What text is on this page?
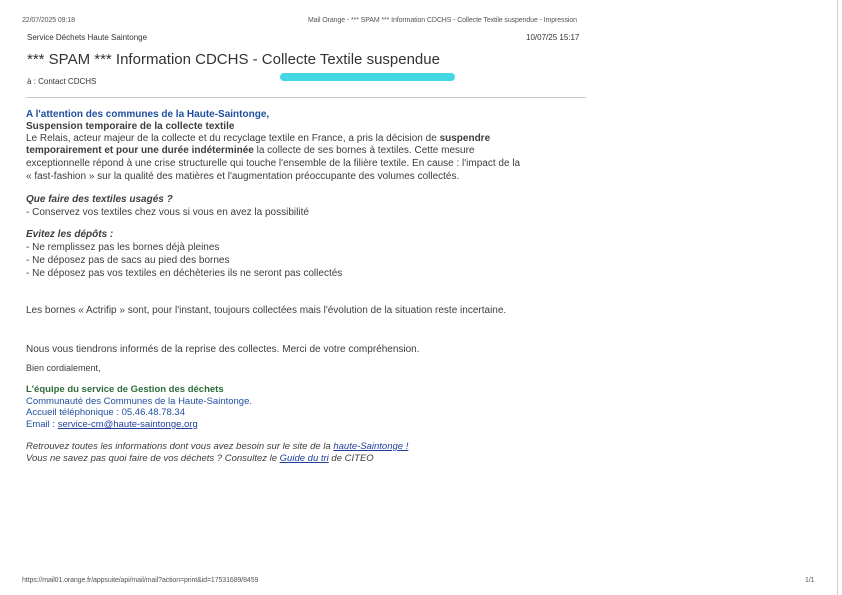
22/07/2025 09:18	Mail Orange - *** SPAM *** Information CDCHS - Collecte Textile suspendue - Impression
Service Déchets Haute Saintonge	10/07/25 15:17
*** SPAM *** Information CDCHS - Collecte Textile suspendue
à : Contact CDCHS
A l'attention des communes de la Haute-Saintonge,
Suspension temporaire de la collecte textile
Le Relais, acteur majeur de la collecte et du recyclage textile en France, a pris la décision de suspendre
temporairement et pour une durée indéterminée la collecte de ses bornes à textiles. Cette mesure
exceptionnelle répond à une crise structurelle qui touche l'ensemble de la filière textile. En cause : l'impact de la
« fast-fashion » sur la qualité des matières et l'augmentation préoccupante des volumes collectés.
Que faire des textiles usagés ?
- Conservez vos textiles chez vous si vous en avez la possibilité
Evitez les dépôts :
- Ne remplissez pas les bornes déjà pleines
- Ne déposez pas de sacs au pied des bornes
- Ne déposez pas vos textiles en déchèteries ils ne seront pas collectés
Les bornes « Actrifip » sont, pour l'instant, toujours collectées mais l'évolution de la situation reste incertaine.
Nous vous tiendrons informés de la reprise des collectes. Merci de votre compréhension.
Bien cordialement,
L'équipe du service de Gestion des déchets
Communauté des Communes de la Haute-Saintonge.
Accueil téléphonique : 05.46.48.78.34
Email : service-cm@haute-saintonge.org
Retrouvez toutes les informations dont vous avez besoin sur le site de la haute-Saintonge !
Vous ne savez pas quoi faire de vos déchets ? Consultez le Guide du tri de CITEO
https://mail01.orange.fr/appsuite/api/mail/mail?action=print&id=17531689/8459	1/1
